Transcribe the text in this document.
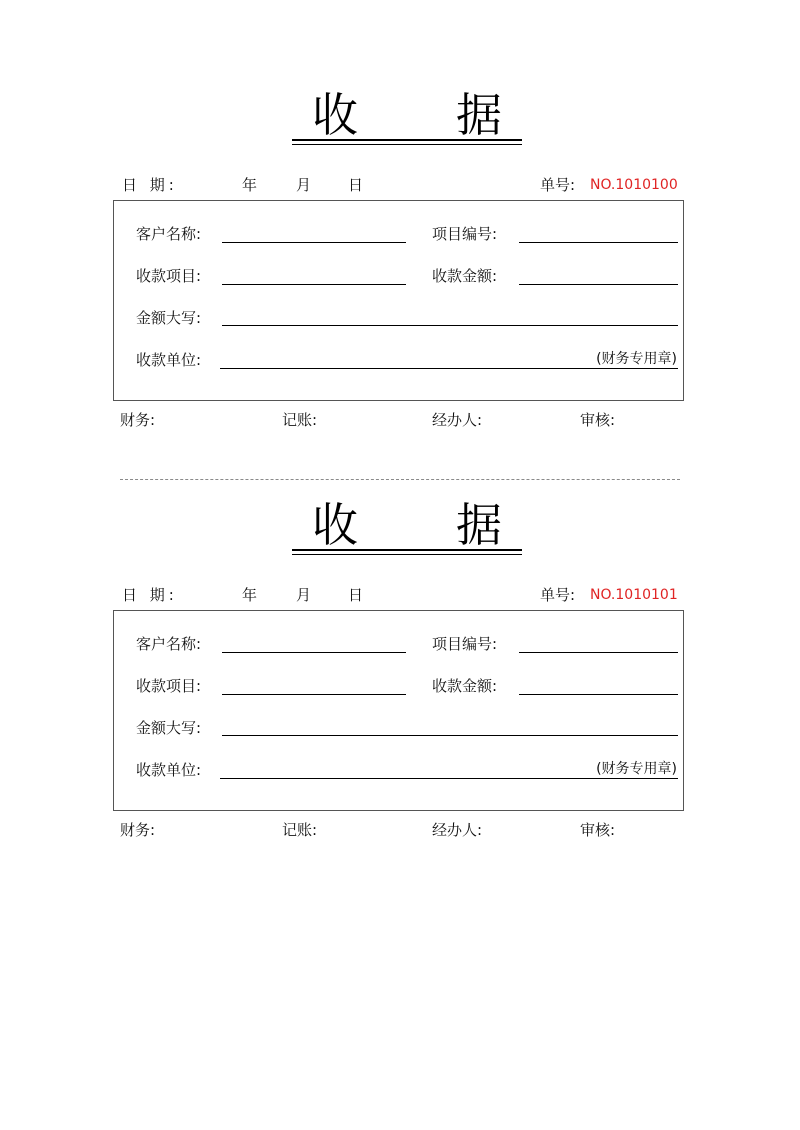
收 据
日 期:	年	月 日	单号: NO.1010100
客户名称:	项目编号:
收款项目:	收款金额:
金额大写:
收款单位:	(财务专用章)
财务:	记账:	经办人:	审核:
收 据
日 期:	年	月 日	单号: NO.1010101
客户名称:	项目编号:
收款项目:	收款金额:
金额大写:
收款单位:	(财务专用章)
财务:	记账:	经办人:	审核:
